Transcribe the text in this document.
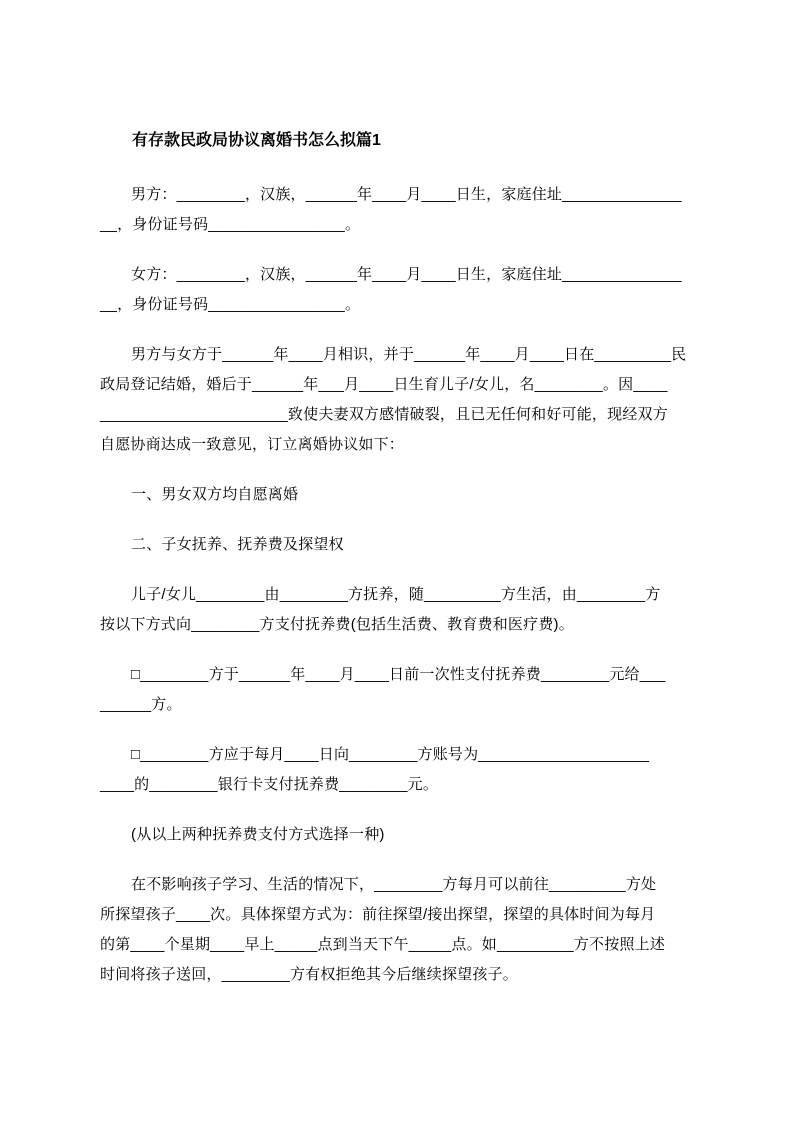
有存款民政局协议离婚书怎么拟篇1

男方：________，汉族，______年____月____日生，家庭住址______________
__，身份证号码________________。

女方：________，汉族，______年____月____日生，家庭住址______________
__，身份证号码________________。

男方与女方于______年____月相识，并于______年____月____日在_________民
政局登记结婚，婚后于______年___月____日生育儿子/女儿，名________。因____
______________________致使夫妻双方感情破裂，且已无任何和好可能，现经双方
自愿协商达成一致意见，订立离婚协议如下：

一、男女双方均自愿离婚

二、子女抚养、抚养费及探望权

儿子/女儿________由________方抚养，随_________方生活，由________方
按以下方式向________方支付抚养费(包括生活费、教育费和医疗费)。

□________方于______年____月____日前一次性支付抚养费________元给___
______方。

□________方应于每月____日向________方账号为____________________
____的________银行卡支付抚养费________元。

(从以上两种抚养费支付方式选择一种)

在不影响孩子学习、生活的情况下，________方每月可以前往_________方处
所探望孩子____次。具体探望方式为：前往探望/接出探望，探望的具体时间为每月
的第____个星期____早上_____点到当天下午_____点。如_________方不按照上述
时间将孩子送回，________方有权拒绝其今后继续探望孩子。
